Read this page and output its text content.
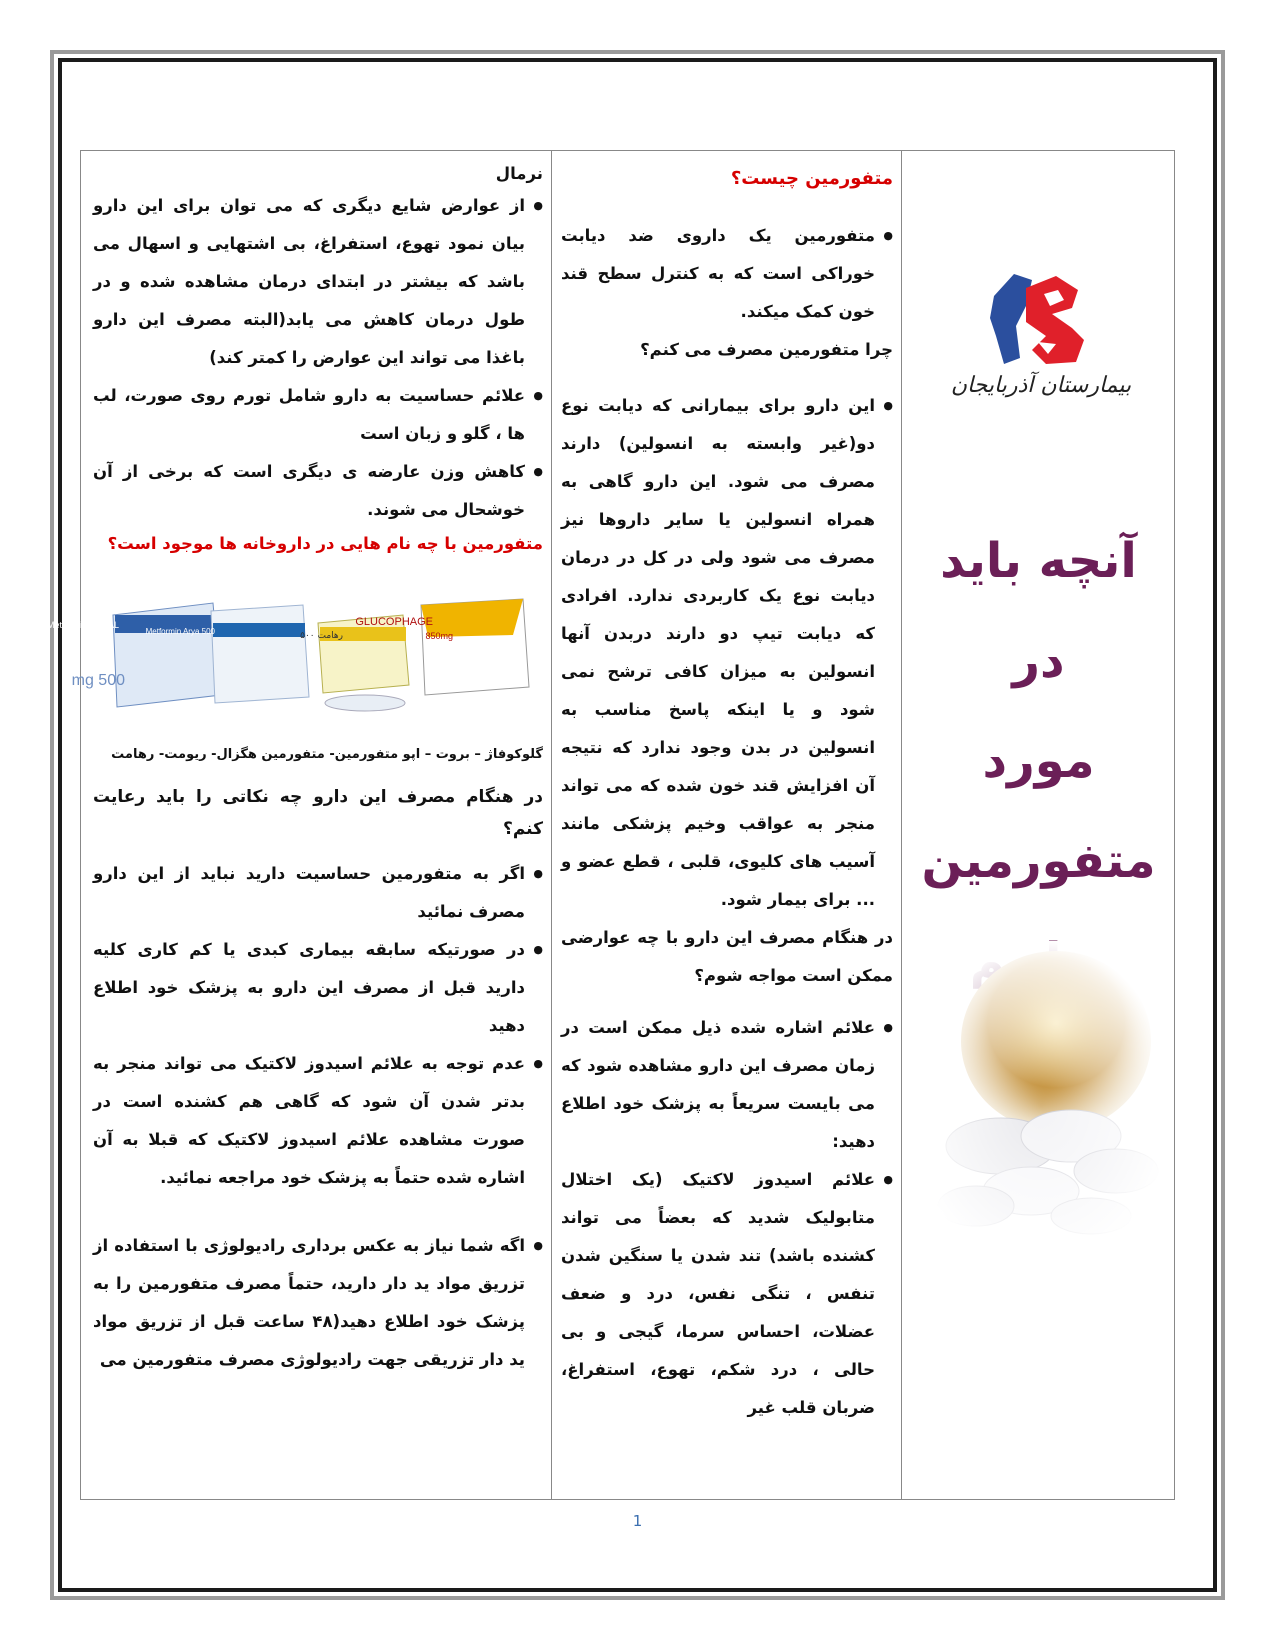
بیمارستان آذربایجان
آنچه باید در
مورد
متفورمین

متفورمین چیست؟

● متفورمین یک داروی ضد دیابت خوراکی است که به کنترل سطح قند خون کمک میکند.

چرا متفورمین مصرف می کنم؟

● این دارو برای بیمارانی که دیابت نوع دو(غیر وابسته به انسولین) دارند مصرف می شود. این دارو گاهی به همراه انسولین یا سایر داروها نیز مصرف می شود ولی در کل در درمان دیابت نوع یک کاربردی ندارد. افرادی که دیابت تیپ دو دارند دربدن آنها انسولین به میزان کافی ترشح نمی شود و یا اینکه پاسخ مناسب به انسولین در بدن وجود ندارد که نتیجه آن افزایش قند خون شده که می تواند منجر به عواقب وخیم پزشکی مانند آسیب های کلیوی، قلبی ، قطع عضو و ... برای بیمار شود.

در هنگام مصرف این دارو با چه عوارضی ممکن است مواجه شوم؟

● علائم اشاره شده ذیل ممکن است در زمان مصرف این دارو مشاهده شود که می بایست سریعاً به پزشک خود اطلاع دهید:

● علائم اسیدوز لاکتیک (یک اختلال متابولیک شدید که بعضاً می تواند کشنده باشد) تند شدن یا سنگین شدن تنفس ، تنگی نفس، درد و ضعف عضلات، احساس سرما، گیجی و بی حالی ، درد شکم، تهوع، استفراغ، ضربان قلب غیر

نرمال

● از عوارض شایع دیگری که می توان برای این دارو بیان نمود تهوع، استفراغ، بی اشتهایی و اسهال می باشد که بیشتر در ابتدای درمان مشاهده شده و در طول درمان کاهش می یابد(البته مصرف این دارو باغذا می تواند این عوارض را کمتر کند)

● علائم حساسیت به دارو شامل تورم روی صورت، لب ها ، گلو و زبان است

● کاهش وزن عارضه ی دیگری است که برخی از آن خوشحال می شوند.

متفورمین با چه نام هایی در داروخانه ها موجود است؟

Metformin HEXAL
500 mg
Metformin Arya 500	رهامت ۵۰۰
GLUCOPHAGE
850mg

گلوکوفاژ – بروت – اپو متفورمین- متفورمین هگزال- ریومت- رهامت

در هنگام مصرف این دارو چه نکاتی را باید رعایت کنم؟

● اگر به متفورمین حساسیت دارید نباید از این دارو مصرف نمائید

● در صورتیکه سابقه بیماری کبدی یا کم کاری کلیه دارید قبل از مصرف این دارو به پزشک خود اطلاع دهید

● عدم توجه به علائم اسیدوز لاکتیک می تواند منجر به بدتر شدن آن شود که گاهی هم کشنده است در صورت مشاهده علائم اسیدوز لاکتیک که قبلا به آن اشاره شده حتماً به پزشک خود مراجعه نمائید.

● اگه شما نیاز به عکس برداری رادیولوژی با استفاده از تزریق مواد ید دار دارید، حتماً مصرف متفورمین را به پزشک خود اطلاع دهید(۴۸ ساعت قبل از تزریق مواد ید دار تزریقی جهت رادیولوژی مصرف متفورمین می

1
